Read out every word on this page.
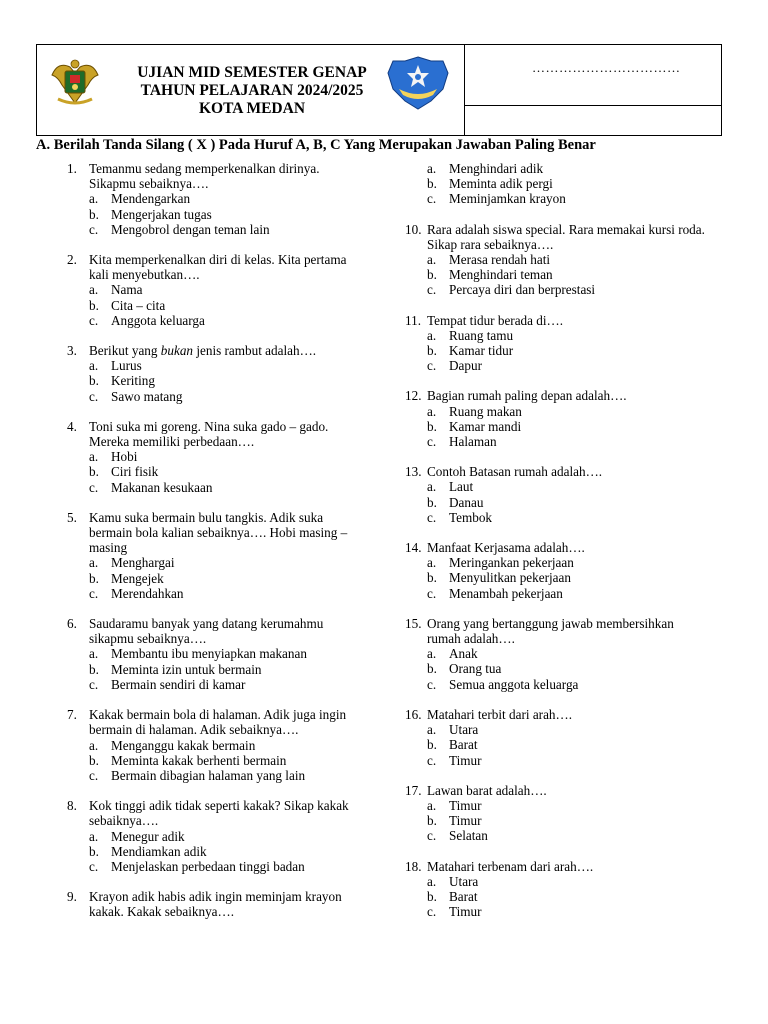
UJIAN MID SEMESTER GENAP
TAHUN PELAJARAN 2024/2025
KOTA MEDAN
……………………………
A. Berilah Tanda Silang ( X ) Pada Huruf A, B, C Yang Merupakan Jawaban Paling Benar
1. Temanmu sedang memperkenalkan dirinya. Sikapmu sebaiknya….
a. Mendengarkan
b. Mengerjakan tugas
c. Mengobrol dengan teman lain
2. Kita memperkenalkan diri di kelas. Kita pertama kali menyebutkan….
a. Nama
b. Cita – cita
c. Anggota keluarga
3. Berikut yang bukan jenis rambut adalah….
a. Lurus
b. Keriting
c. Sawo matang
4. Toni suka mi goreng. Nina suka gado – gado. Mereka memiliki perbedaan….
a. Hobi
b. Ciri fisik
c. Makanan kesukaan
5. Kamu suka bermain bulu tangkis. Adik suka bermain bola kalian sebaiknya…. Hobi masing – masing
a. Menghargai
b. Mengejek
c. Merendahkan
6. Saudaramu banyak yang datang kerumahmu sikapmu sebaiknya….
a. Membantu ibu menyiapkan makanan
b. Meminta izin untuk bermain
c. Bermain sendiri di kamar
7. Kakak bermain bola di halaman. Adik juga ingin bermain di halaman. Adik sebaiknya….
a. Menganggu kakak bermain
b. Meminta kakak berhenti bermain
c. Bermain dibagian halaman yang lain
8. Kok tinggi adik tidak seperti kakak? Sikap kakak sebaiknya….
a. Menegur adik
b. Mendiamkan adik
c. Menjelaskan perbedaan tinggi badan
9. Krayon adik habis adik ingin meminjam krayon kakak. Kakak sebaiknya….
a. Menghindari adik
b. Meminta adik pergi
c. Meminjamkan krayon
10. Rara adalah siswa special. Rara memakai kursi roda. Sikap rara sebaiknya….
a. Merasa rendah hati
b. Menghindari teman
c. Percaya diri dan berprestasi
11. Tempat tidur berada di….
a. Ruang tamu
b. Kamar tidur
c. Dapur
12. Bagian rumah paling depan adalah….
a. Ruang makan
b. Kamar mandi
c. Halaman
13. Contoh Batasan rumah adalah….
a. Laut
b. Danau
c. Tembok
14. Manfaat Kerjasama adalah….
a. Meringankan pekerjaan
b. Menyulitkan pekerjaan
c. Menambah pekerjaan
15. Orang yang bertanggung jawab membersihkan rumah adalah….
a. Anak
b. Orang tua
c. Semua anggota keluarga
16. Matahari terbit dari arah….
a. Utara
b. Barat
c. Timur
17. Lawan barat adalah….
a. Timur
b. Timur
c. Selatan
18. Matahari terbenam dari arah….
a. Utara
b. Barat
c. Timur
